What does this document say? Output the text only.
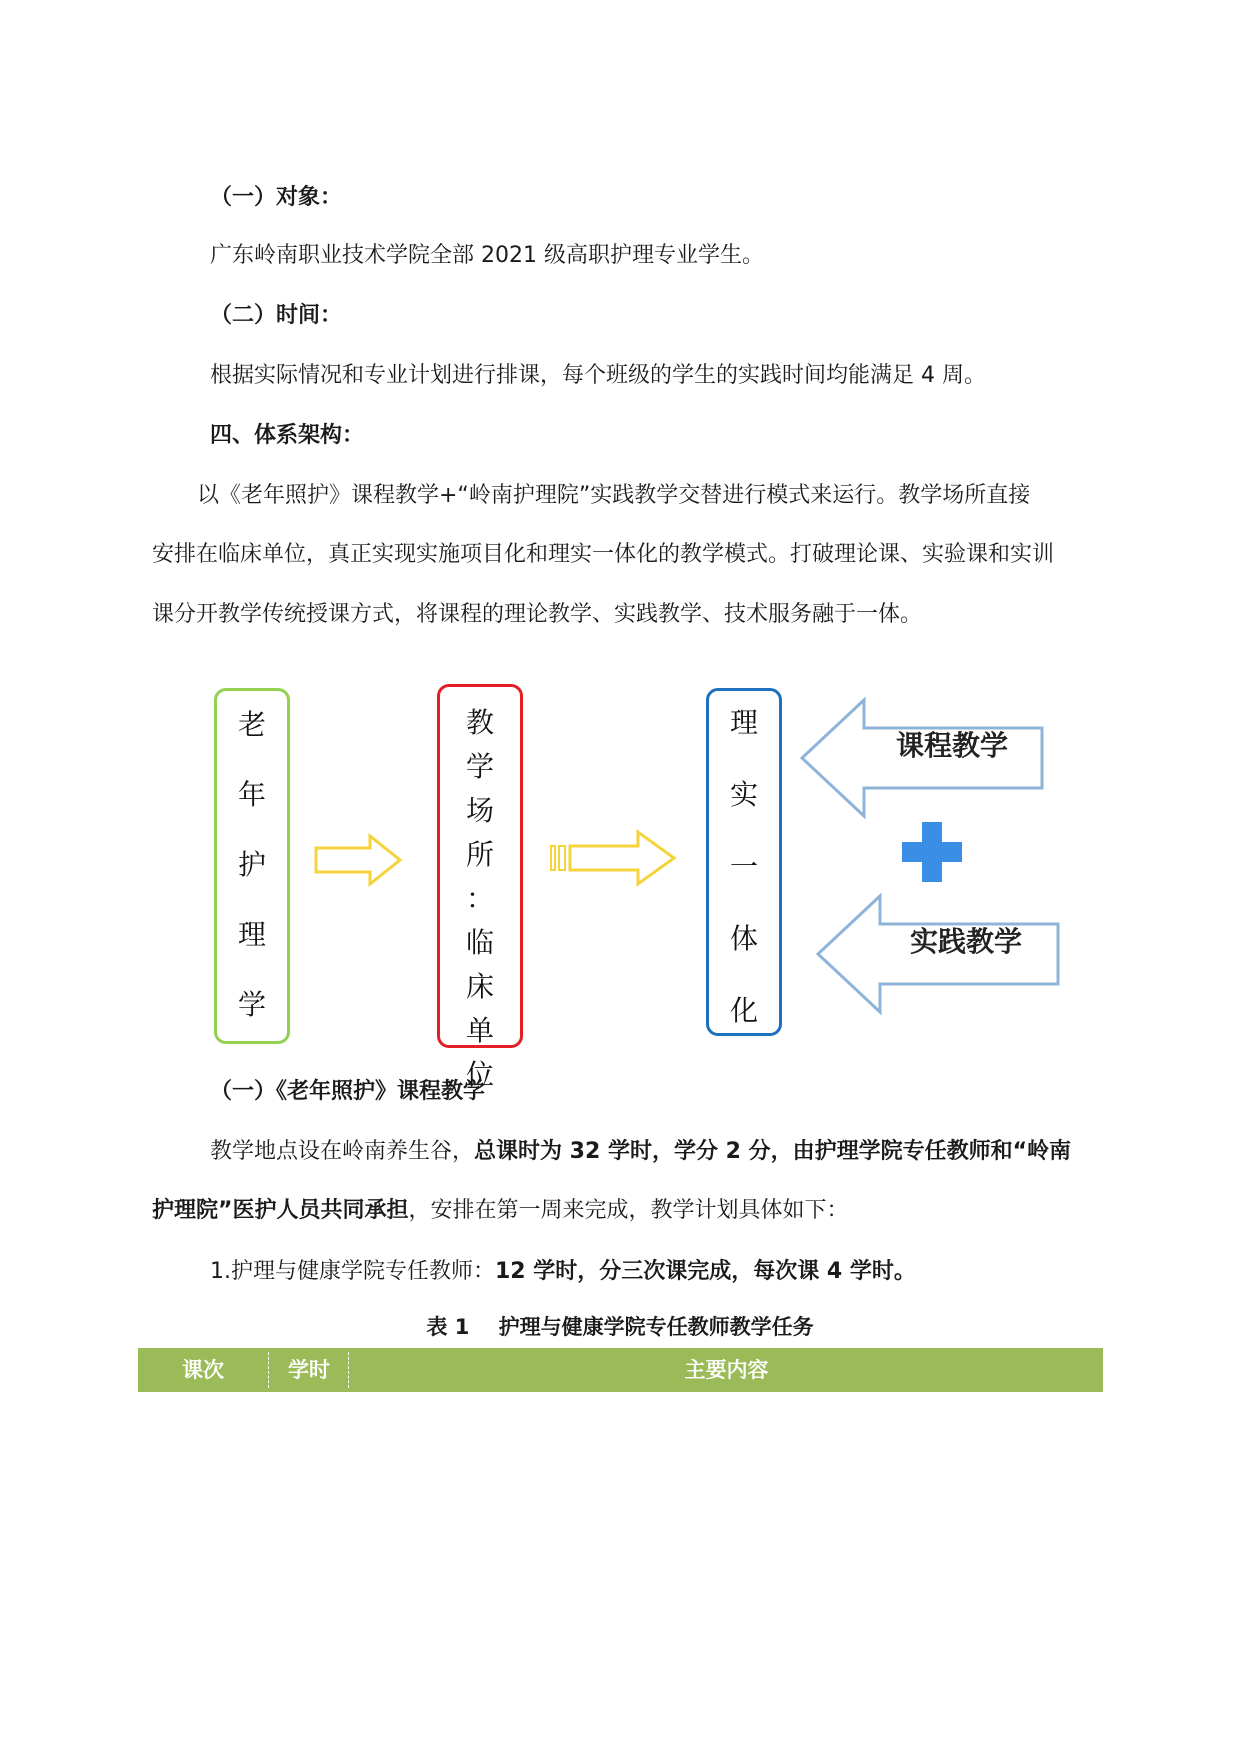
（一）对象：
广东岭南职业技术学院全部 2021 级高职护理专业学生。
（二）时间：
根据实际情况和专业计划进行排课，每个班级的学生的实践时间均能满足 4 周。
四、体系架构：
以《老年照护》课程教学+“岭南护理院”实践教学交替进行模式来运行。教学场所直接
安排在临床单位，真正实现实施项目化和理实一体化的教学模式。打破理论课、实验课和实训
课分开教学传统授课方式，将课程的理论教学、实践教学、技术服务融于一体。
老
年
护
理
学
教
学
场
所
：
临
床
单
位
理
实
一
体
化
课程教学
实践教学
（一）《老年照护》课程教学
教学地点设在岭南养生谷，总课时为 32 学时，学分 2 分，由护理学院专任教师和“岭南
护理院”医护人员共同承担，安排在第一周来完成，教学计划具体如下：
1.护理与健康学院专任教师：12 学时，分三次课完成，每次课 4 学时。
表 1    护理与健康学院专任教师教学任务
课次	学时	主要内容
